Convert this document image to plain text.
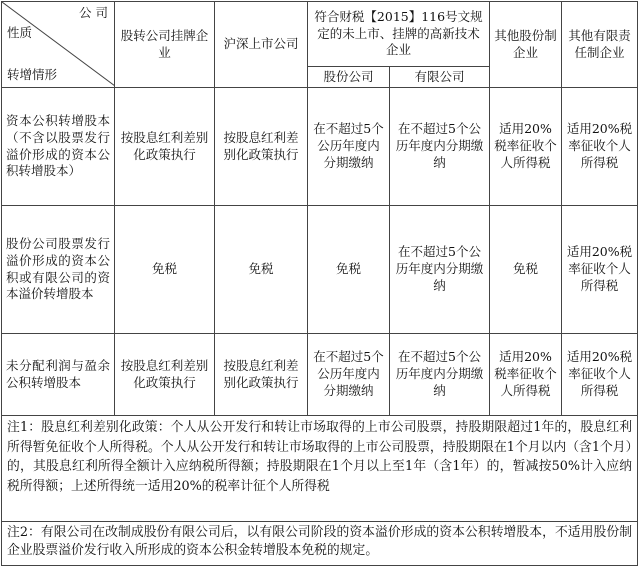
公 司
性质
转增情形	股转公司挂牌企业	沪深上市公司	符合财税【2015】116号文规定的未上市、挂牌的高新技术企业		其他股份制企业	其他有限责任制企业
			股份公司	有限公司		
资本公积转增股本（不含以股票发行溢价形成的资本公积转增股本）	按股息红利差别化政策执行	按股息红利差别化政策执行	在不超过5个公历年度内分期缴纳	在不超过5个公历年度内分期缴纳	适用20%税率征收个人所得税	适用20%税率征收个人所得税
股份公司股票发行溢价形成的资本公积或有限公司的资本溢价转增股本	免税	免税	免税	在不超过5个公历年度内分期缴纳	免税	适用20%税率征收个人所得税
未分配利润与盈余公积转增股本	按股息红利差别化政策执行	按股息红利差别化政策执行	在不超过5个公历年度内分期缴纳	在不超过5个公历年度内分期缴纳	适用20%税率征收个人所得税	适用20%税率征收个人所得税
注1：股息红利差别化政策：个人从公开发行和转让市场取得的上市公司股票，持股期限超过1年的，股息红利所得暂免征收个人所得税。个人从公开发行和转让市场取得的上市公司股票，持股期限在1个月以内（含1个月）的，其股息红利所得全额计入应纳税所得额；持股期限在1个月以上至1年（含1年）的，暂减按50%计入应纳税所得额；上述所得统一适用20%的税率计征个人所得税						
注2：有限公司在改制成股份有限公司后，以有限公司阶段的资本溢价形成的资本公积转增股本，不适用股份制企业股票溢价发行收入所形成的资本公积金转增股本免税的规定。						
